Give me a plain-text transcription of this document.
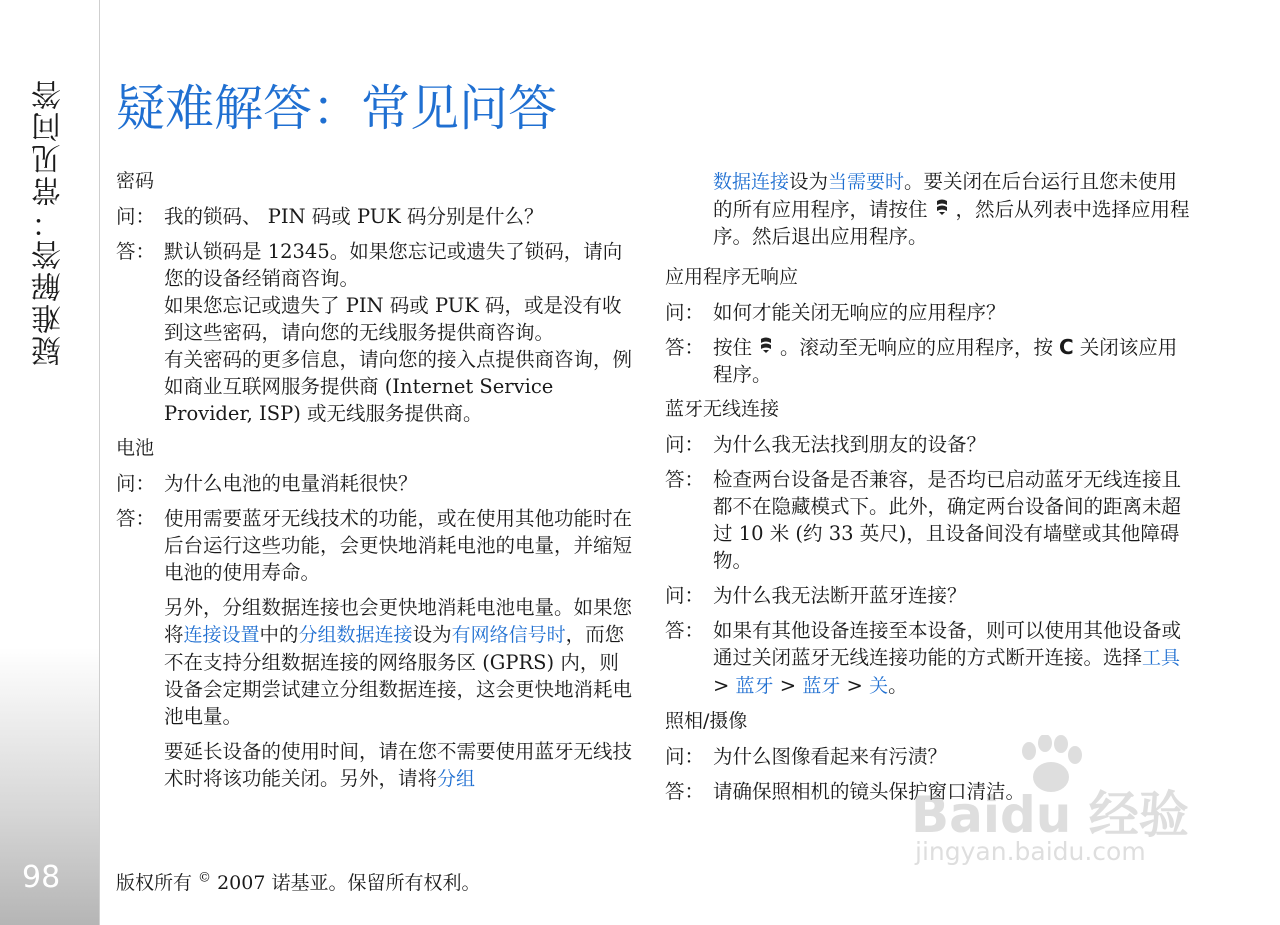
疑难解答：常见问答
98
疑难解答：常见问答
密码
问： 我的锁码、 PIN 码或 PUK 码分别是什么？
答： 默认锁码是 12345。如果您忘记或遗失了锁码，请向您的设备经销商咨询。
如果您忘记或遗失了 PIN 码或 PUK 码，或是没有收到这些密码，请向您的无线服务提供商咨询。
有关密码的更多信息，请向您的接入点提供商咨询，例如商业互联网服务提供商 (Internet Service Provider, ISP) 或无线服务提供商。
电池
问： 为什么电池的电量消耗很快？
答： 使用需要蓝牙无线技术的功能，或在使用其他功能时在后台运行这些功能，会更快地消耗电池的电量，并缩短电池的使用寿命。
另外，分组数据连接也会更快地消耗电池电量。如果您将连接设置中的分组数据连接设为有网络信号时，而您不在支持分组数据连接的网络服务区 (GPRS) 内，则设备会定期尝试建立分组数据连接，这会更快地消耗电池电量。
要延长设备的使用时间，请在您不需要使用蓝牙无线技术时将该功能关闭。另外，请将分组
数据连接设为当需要时。要关闭在后台运行且您未使用的所有应用程序，请按住 ，然后从列表中选择应用程序。然后退出应用程序。
应用程序无响应
问： 如何才能关闭无响应的应用程序？
答： 按住 。滚动至无响应的应用程序，按 C 关闭该应用程序。
蓝牙无线连接
问： 为什么我无法找到朋友的设备？
答： 检查两台设备是否兼容，是否均已启动蓝牙无线连接且都不在隐藏模式下。此外，确定两台设备间的距离未超过 10 米 (约 33 英尺)，且设备间没有墙壁或其他障碍物。
问： 为什么我无法断开蓝牙连接？
答： 如果有其他设备连接至本设备，则可以使用其他设备或通过关闭蓝牙无线连接功能的方式断开连接。选择工具 > 蓝牙 > 蓝牙 > 关。
照相/摄像
问： 为什么图像看起来有污渍？
答： 请确保照相机的镜头保护窗口清洁。
版权所有 © 2007 诺基亚。保留所有权利。
Baidu 经验
jingyan.baidu.com
